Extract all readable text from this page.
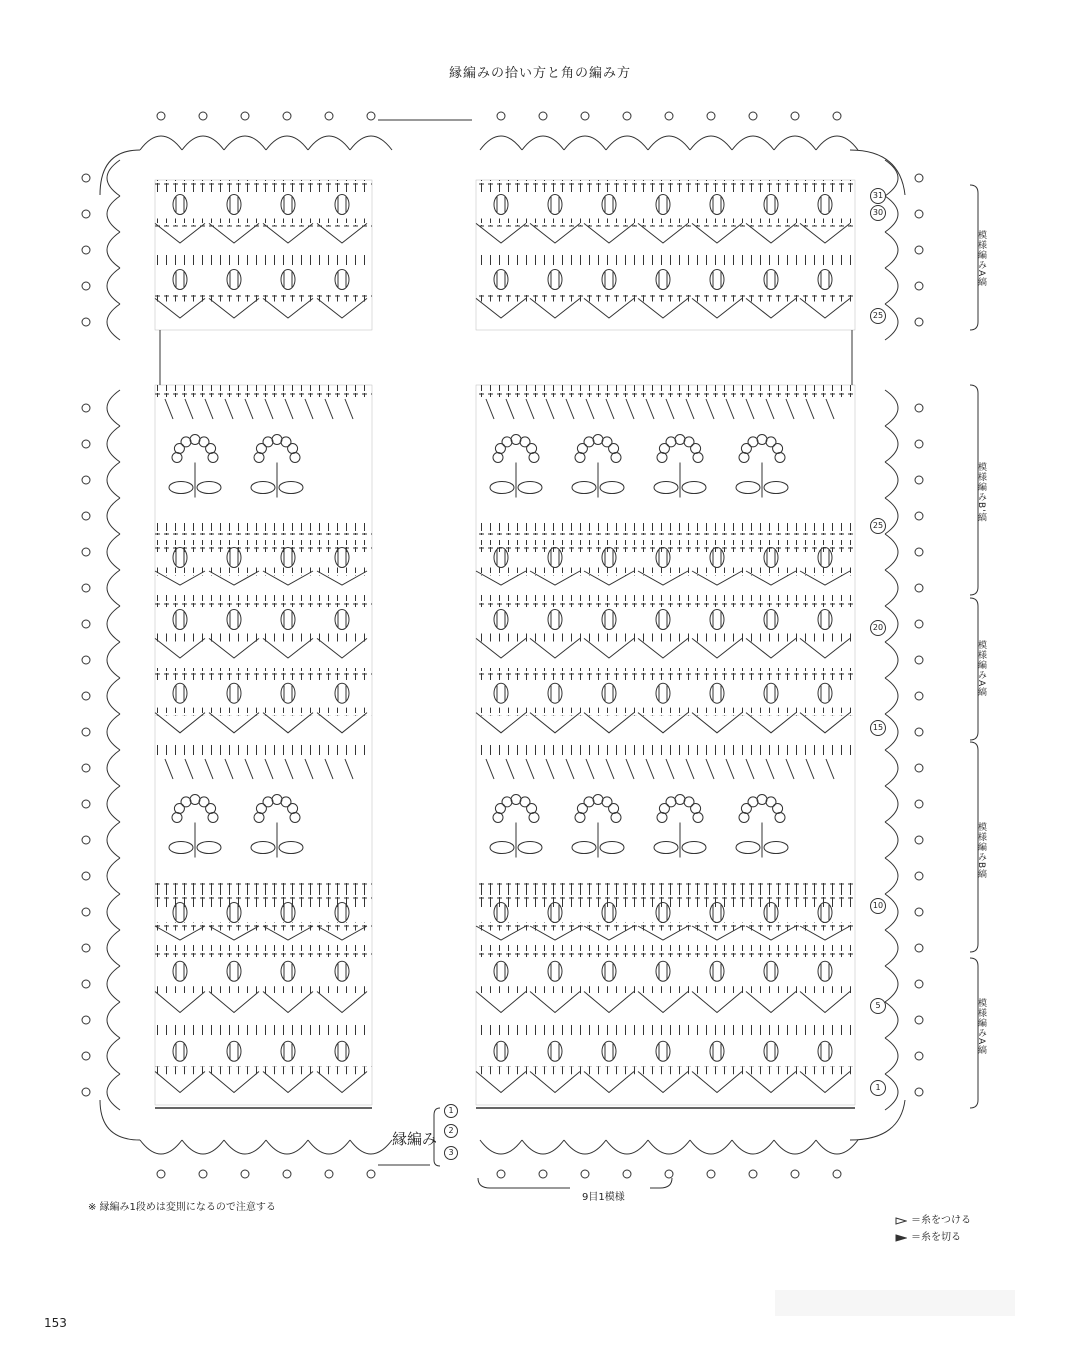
縁編みの拾い方と角の編み方
縁編み
9目1模様
1
2
3
31
30
25
25
20
15
10
5
1
模様編みA縞
模様編みB'縞
模様編みA縞
模様編みB縞
模様編みA縞
※ 縁編み1段めは変則になるので注意する
＝糸をつける
＝糸を切る
153
